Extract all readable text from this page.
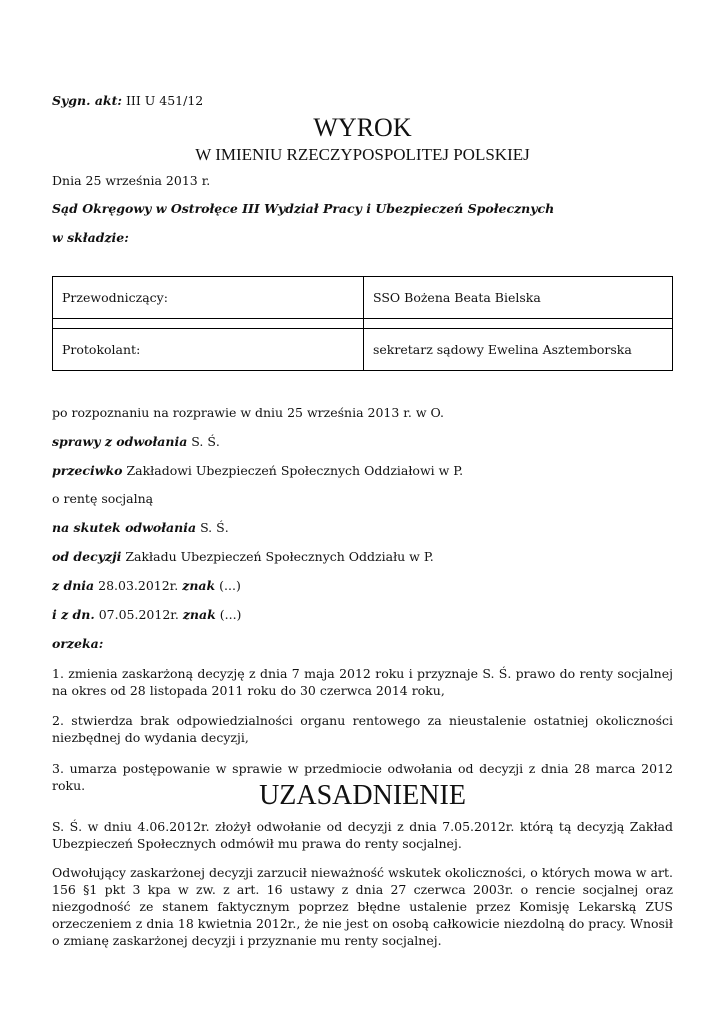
Sygn. akt: III U 451/12
WYROK
W IMIENIU RZECZYPOSPOLITEJ POLSKIEJ
Dnia 25 września 2013 r.
Sąd Okręgowy w Ostrołęce III Wydział Pracy i Ubezpieczeń Społecznych
w składzie:
Przewodniczący:	SSO Bożena Beata Bielska

Protokolant:	sekretarz sądowy Ewelina Asztemborska
po rozpoznaniu na rozprawie w dniu 25 września 2013 r. w O.
sprawy z odwołania S. Ś.
przeciwko Zakładowi Ubezpieczeń Społecznych Oddziałowi w P.
o rentę socjalną
na skutek odwołania S. Ś.
od decyzji Zakładu Ubezpieczeń Społecznych Oddziału w P.
z dnia 28.03.2012r. znak (...)
i z dn. 07.05.2012r. znak (...)
orzeka:
1. zmienia zaskarżoną decyzję z dnia 7 maja 2012 roku i przyznaje S. Ś. prawo do renty socjalnej na okres od 28 listopada 2011 roku do 30 czerwca 2014 roku,
2. stwierdza brak odpowiedzialności organu rentowego za nieustalenie ostatniej okoliczności niezbędnej do wydania decyzji,
3. umarza postępowanie w sprawie w przedmiocie odwołania od decyzji z dnia 28 marca 2012 roku.	UZASADNIENIE
S. Ś. w dniu 4.06.2012r. złożył odwołanie od decyzji z dnia 7.05.2012r. którą tą decyzją Zakład Ubezpieczeń Społecznych odmówił mu prawa do renty socjalnej.
Odwołujący zaskarżonej decyzji zarzucił nieważność wskutek okoliczności, o których mowa w art. 156 §1 pkt 3 kpa w zw. z art. 16 ustawy z dnia 27 czerwca 2003r. o rencie socjalnej oraz niezgodność ze stanem faktycznym poprzez błędne ustalenie przez Komisję Lekarską ZUS orzeczeniem z dnia 18 kwietnia 2012r., że nie jest on osobą całkowicie niezdolną do pracy. Wnosił o zmianę zaskarżonej decyzji i przyznanie mu renty socjalnej.
